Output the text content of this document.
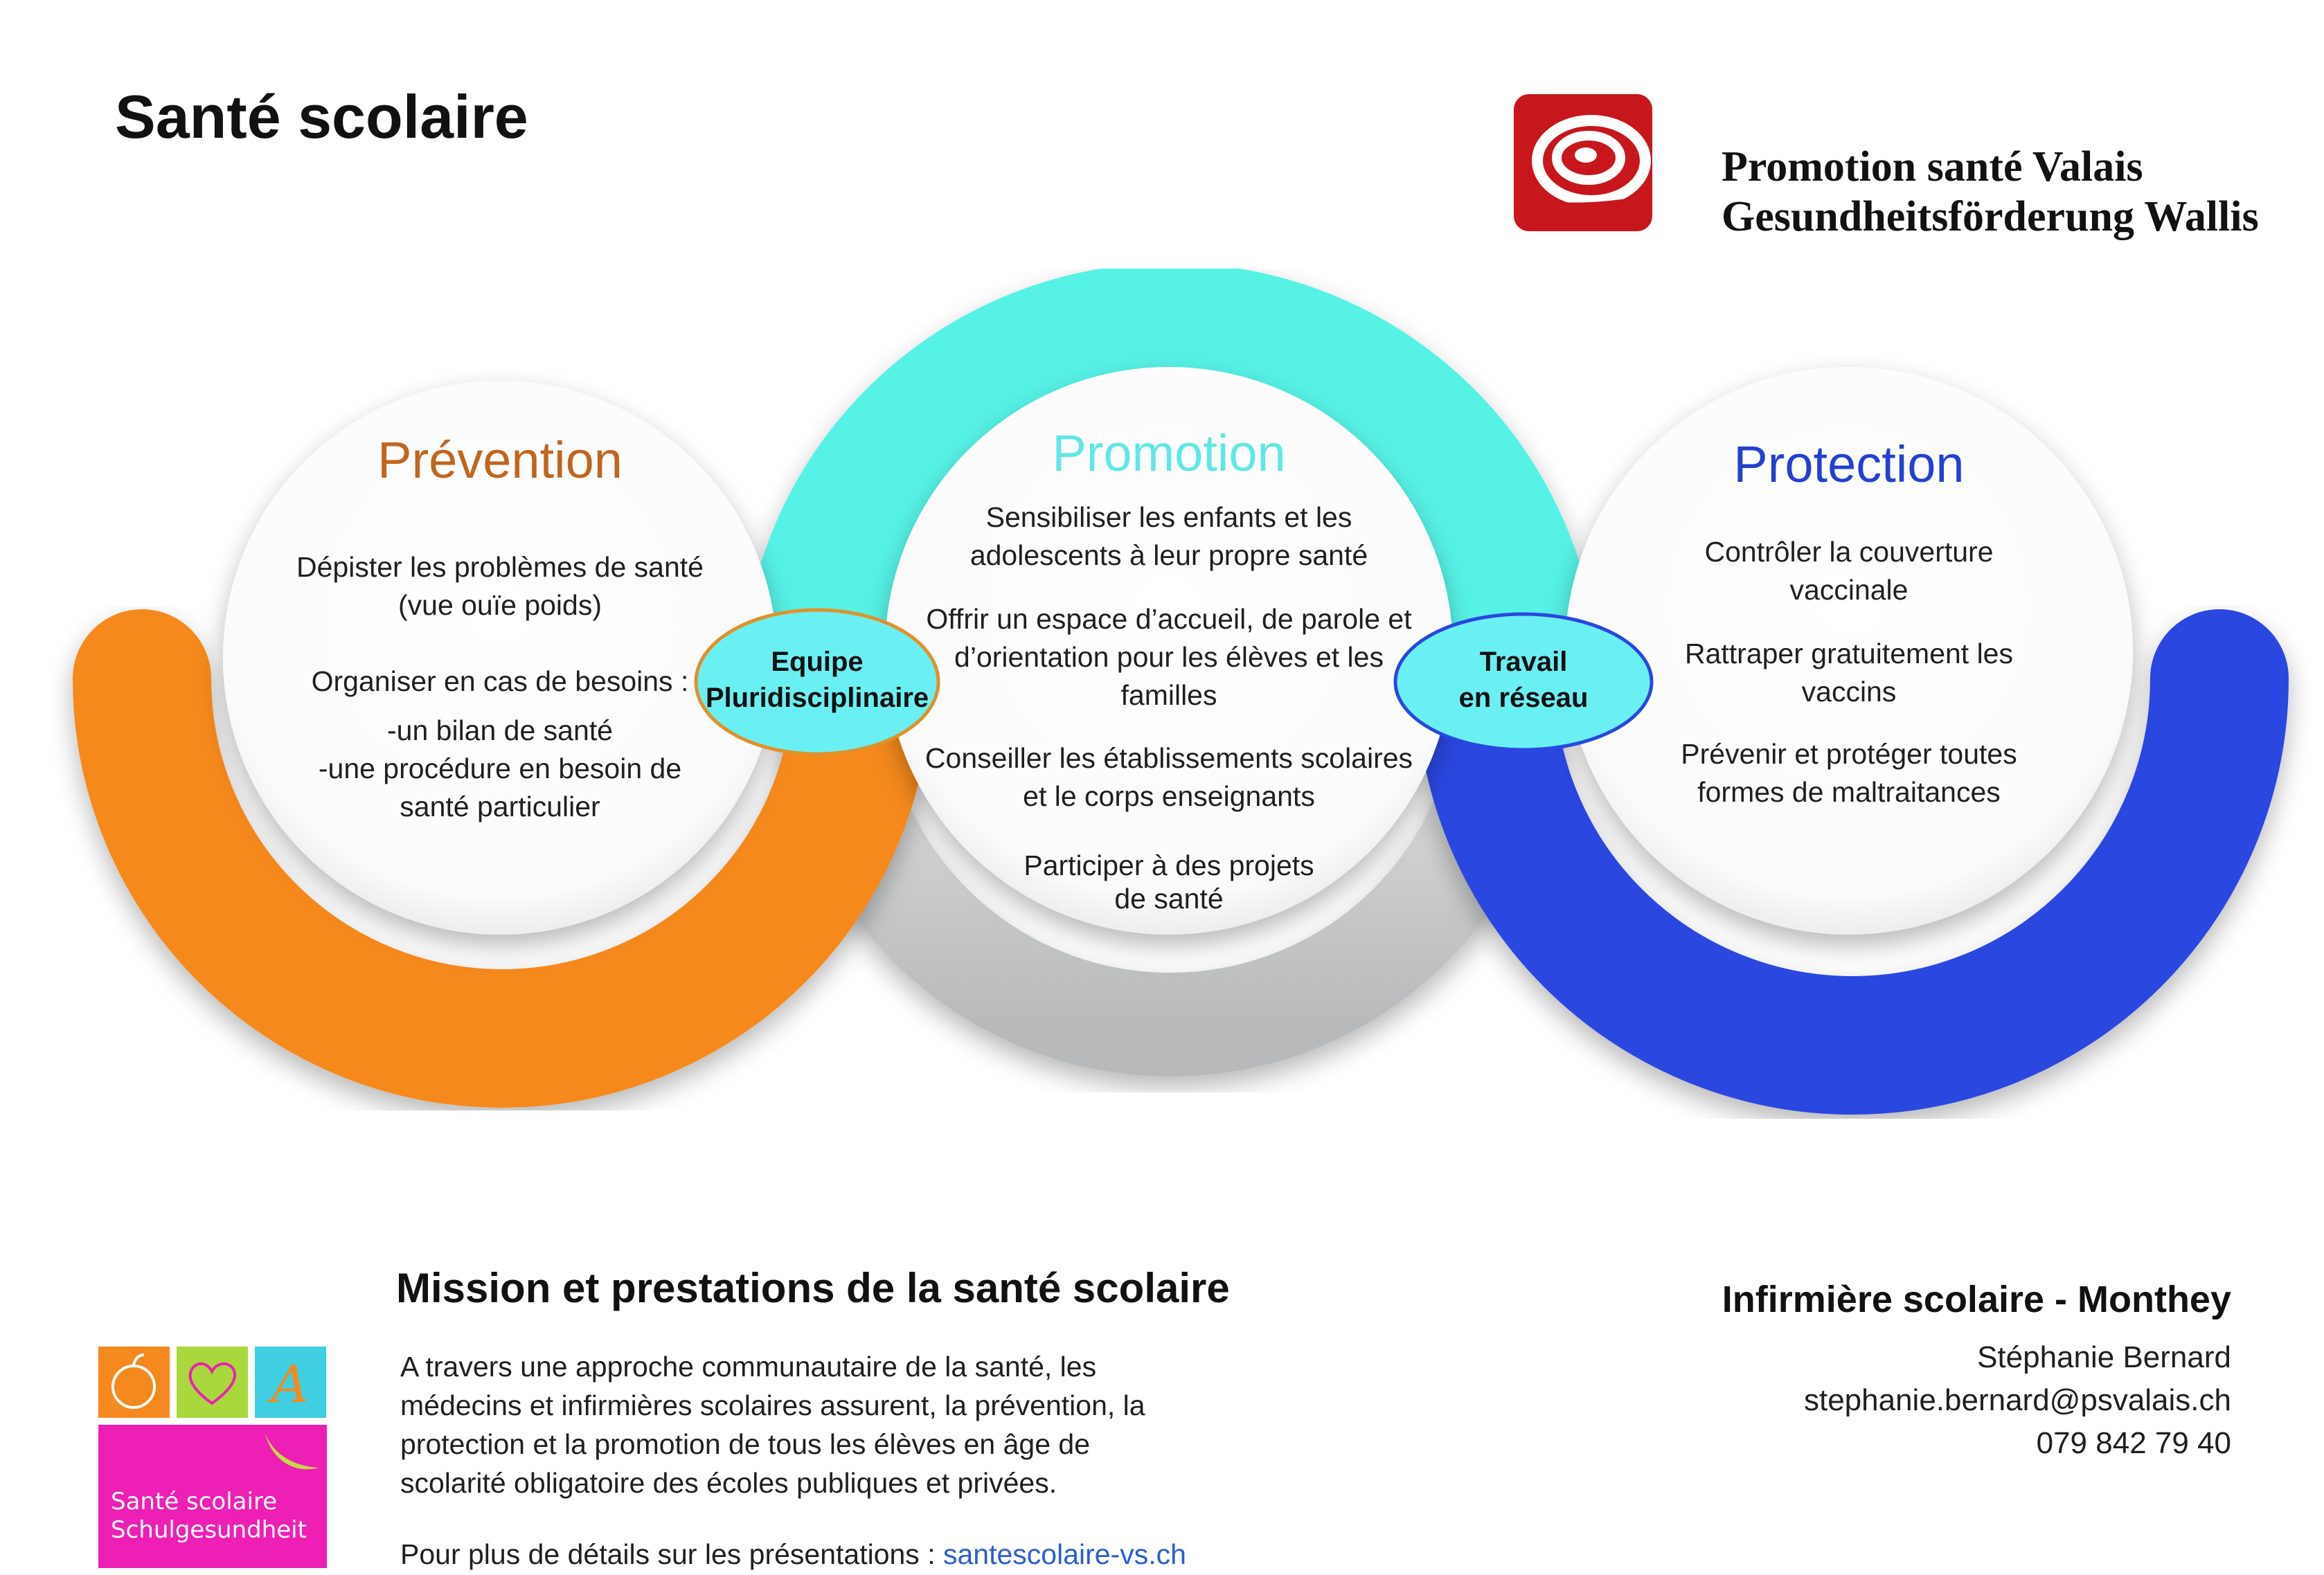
Santé scolaire
Promotion santé Valais
Gesundheitsförderung Wallis
Prévention	Promotion	Protection
Dépister les problèmes de santé
(vue ouïe poids)
Organiser en cas de besoins :
-un bilan de santé
-une procédure en besoin de
santé particulier
Sensibiliser les enfants et les
adolescents à leur propre santé
Offrir un espace d’accueil, de parole et
d’orientation pour les élèves et les
familles
Conseiller les établissements scolaires
et le corps enseignants
Participer à des projets
de santé
Contrôler la couverture
vaccinale
Rattraper gratuitement les
vaccins
Prévenir et protéger toutes
formes de maltraitances
Equipe
Pluridisciplinaire
Travail
en réseau
Mission et prestations de la santé scolaire
A travers une approche communautaire de la santé, les
médecins et infirmières scolaires assurent, la prévention, la
protection et la promotion de tous les élèves en âge de
scolarité obligatoire des écoles publiques et privées.
Pour plus de détails sur les présentations : santescolaire-vs.ch
Infirmière scolaire - Monthey
Stéphanie Bernard
stephanie.bernard@psvalais.ch
079 842 79 40
A
Santé scolaire
Schulgesundheit
